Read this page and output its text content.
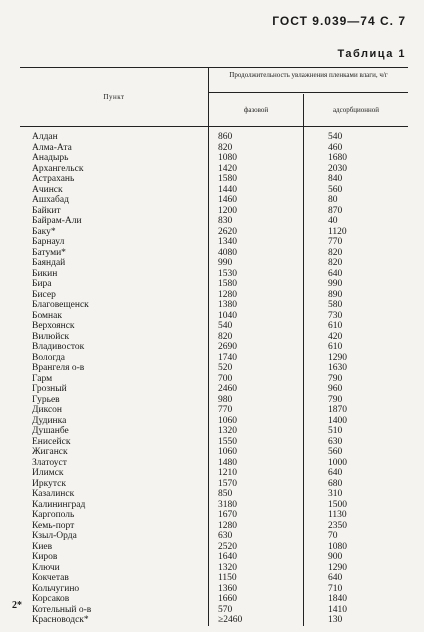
ГОСТ 9.039—74 С. 7
Таблица 1
Пункт
Продолжительность увлажнения пленками влаги, ч/г
фазовой	адсорбционной
Алдан	860	540
Алма-Ата	820	460
Анадырь	1080	1680
Архангельск	1420	2030
Астрахань	1580	840
Ачинск	1440	560
Ашхабад	1460	80
Байкит	1200	870
Байрам-Али	830	40
Баку*	2620	1120
Барнаул	1340	770
Батуми*	4080	820
Баяндай	990	820
Бикин	1530	640
Бира	1580	990
Бисер	1280	890
Благовещенск	1380	580
Бомнак	1040	730
Верхоянск	540	610
Вилюйск	820	420
Владивосток	2690	610
Вологда	1740	1290
Врангеля о-в	520	1630
Гарм	700	790
Грозный	2460	960
Гурьев	980	790
Диксон	770	1870
Дудинка	1060	1400
Душанбе	1320	510
Енисейск	1550	630
Жиганск	1060	560
Златоуст	1480	1000
Илимск	1210	640
Иркутск	1570	680
Казалинск	850	310
Калининград	3180	1500
Каргополь	1670	1130
Кемь-порт	1280	2350
Кзыл-Орда	630	70
Киев	2520	1080
Киров	1640	900
Ключи	1320	1290
Кокчетав	1150	640
Кольчугино	1360	710
Корсаков	1660	1840
Котельный о-в	570	1410
Красноводск*	≥2460	130
2*
